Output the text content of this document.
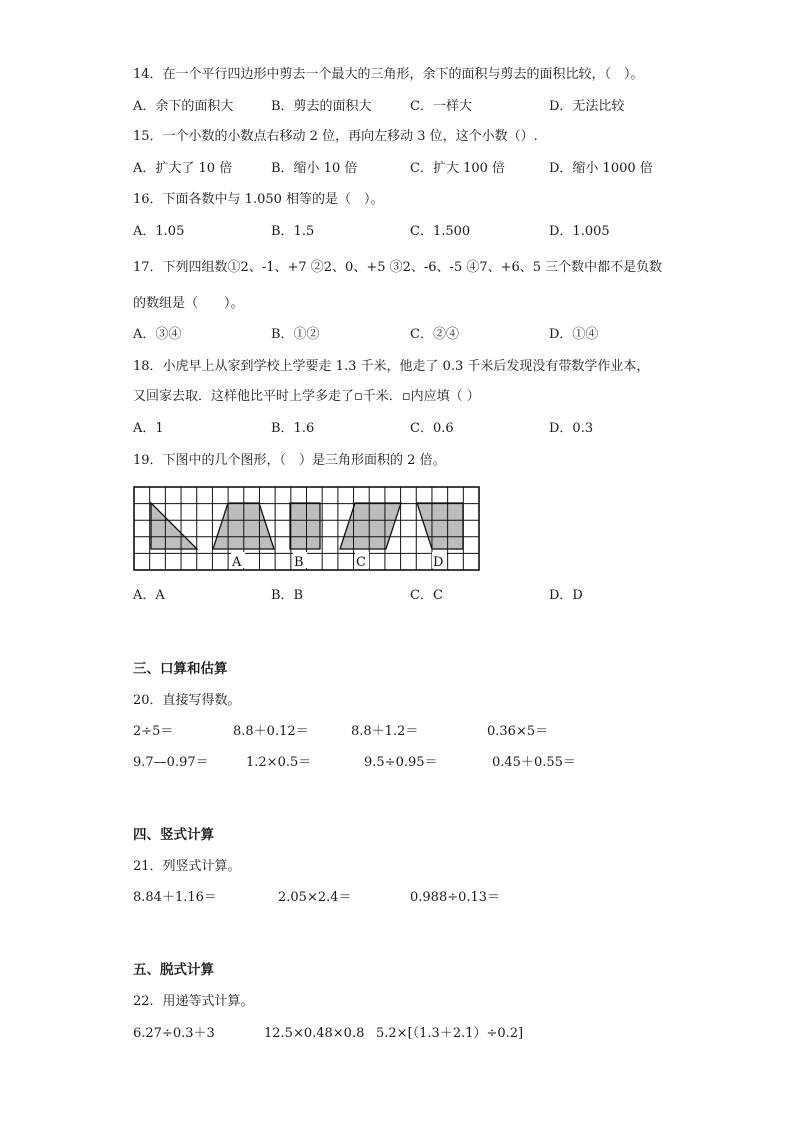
14．在一个平行四边形中剪去一个最大的三角形，余下的面积与剪去的面积比较，（　）。
A．余下的面积大	B．剪去的面积大	C．一样大	D．无法比较
15．一个小数的小数点右移动 2 位，再向左移动 3 位，这个小数（）.
A．扩大了 10 倍	B．缩小 10 倍	C．扩大 100 倍	D．缩小 1000 倍
16．下面各数中与 1.050 相等的是（　）。
A．1.05	B．1.5	C．1.500	D．1.005
17．下列四组数①2、-1、+7 ②2、0、+5 ③2、-6、-5 ④7、+6、5 三个数中都不是负数
的数组是（　　）。
A．③④	B．①②	C．②④	D．①④
18．小虎早上从家到学校上学要走 1.3 千米，他走了 0.3 千米后发现没有带数学作业本，
又回家去取．这样他比平时上学多走了▫千米．▫内应填（ ）
A．1	B．1.6	C．0.6	D．0.3
19．下图中的几个图形，（　）是三角形面积的 2 倍。
A	B	C	D
A．A	B．B	C．C	D．D
三、口算和估算
20．直接写得数。
2÷5＝	8.8＋0.12＝	8.8＋1.2＝	0.36×5＝
9.7—0.97＝	1.2×0.5＝	9.5÷0.95＝	0.45＋0.55＝
四、竖式计算
21．列竖式计算。
8.84＋1.16＝	2.05×2.4＝	0.988÷0.13＝
五、脱式计算
22．用递等式计算。
6.27÷0.3＋3	12.5×0.48×0.8 5.2×[（1.3＋2.1）÷0.2]
